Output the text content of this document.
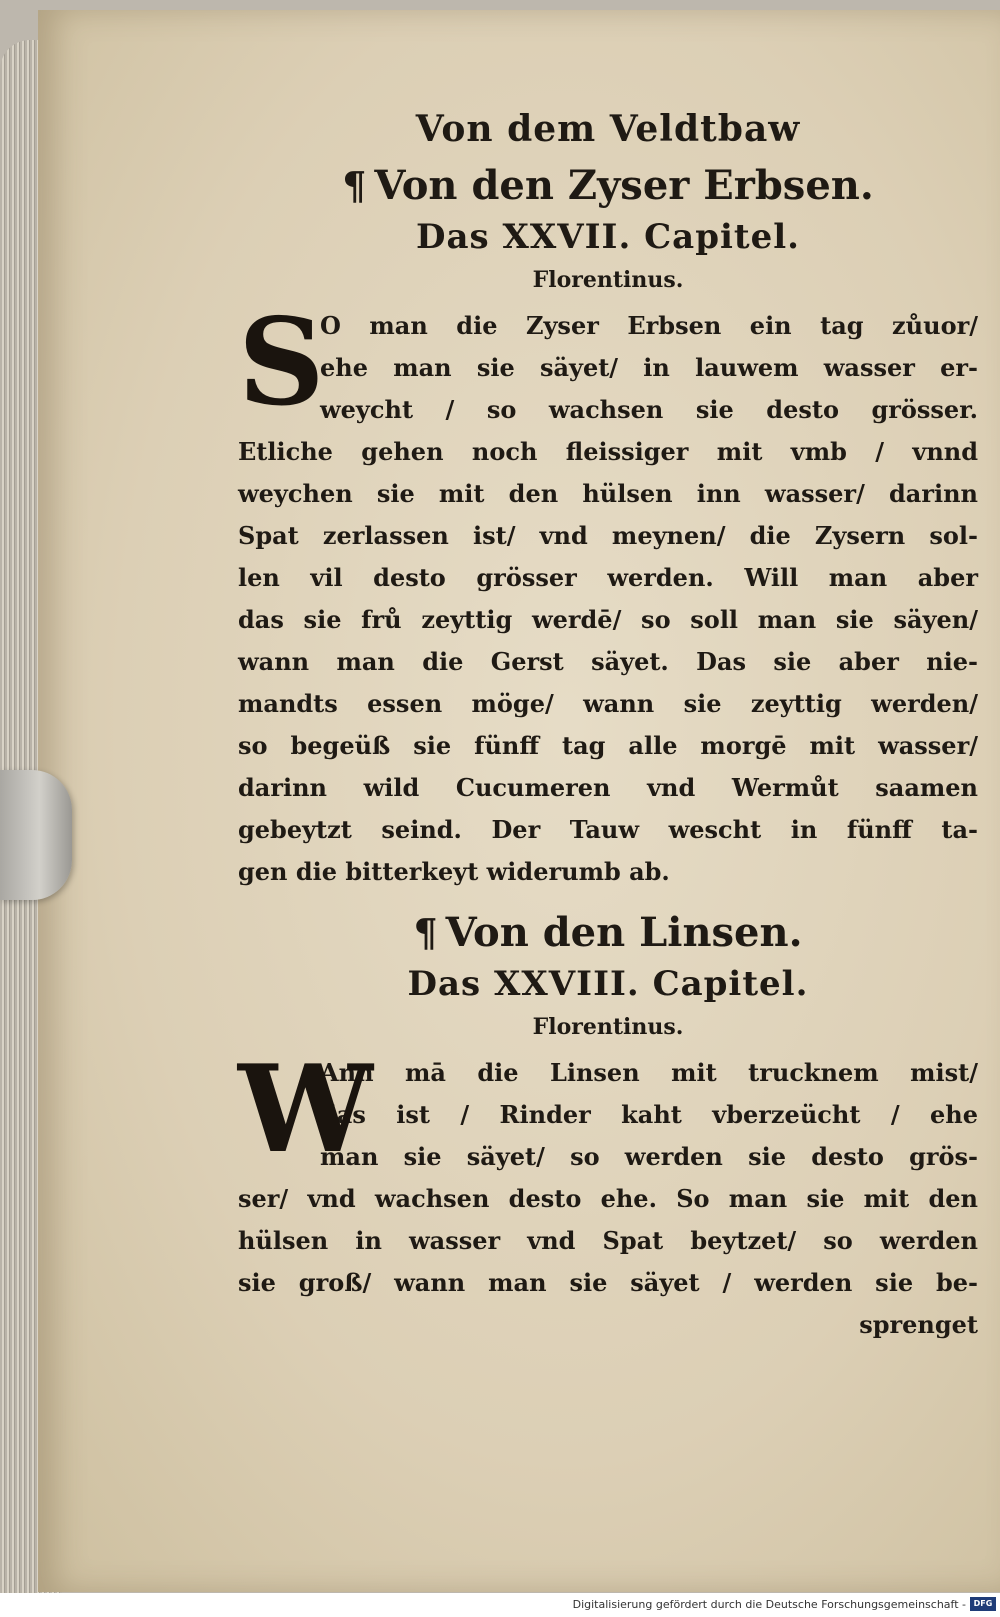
Von dem Veldtbaw
¶ Von den Zyser Erbsen.
Das XXVII. Capitel.
Florentinus.
S
O man die Zyser Erbsen ein tag zůuor/
ehe man sie säyet/ in lauwem wasser er-
weycht / so wachsen sie desto grösser.
Etliche gehen noch fleissiger mit vmb / vnnd
weychen sie mit den hülsen inn wasser/ darinn
Spat zerlassen ist/ vnd meynen/ die Zysern sol-
len vil desto grösser werden. Will man aber
das sie frů zeyttig werdē/ so soll man sie säyen/
wann man die Gerst säyet. Das sie aber nie-
mandts essen möge/ wann sie zeyttig werden/
so begeüß sie fünff tag alle morgē mit wasser/
darinn wild Cucumeren vnd Wermůt saamen
gebeytzt seind. Der Tauw wescht in fünff ta-
gen die bitterkeyt widerumb ab.
¶ Von den Linsen.
Das XXVIII. Capitel.
Florentinus.
W
Ann mā die Linsen mit trucknem mist/
das ist / Rinder kaht vberzeücht / ehe
man sie säyet/ so werden sie desto grös-
ser/ vnd wachsen desto ehe. So man sie mit den
hülsen in wasser vnd Spat beytzet/ so werden
sie groß/ wann man sie säyet / werden sie be-
sprenget
Digitalisierung gefördert durch die Deutsche Forschungsgemeinschaft - DFG
